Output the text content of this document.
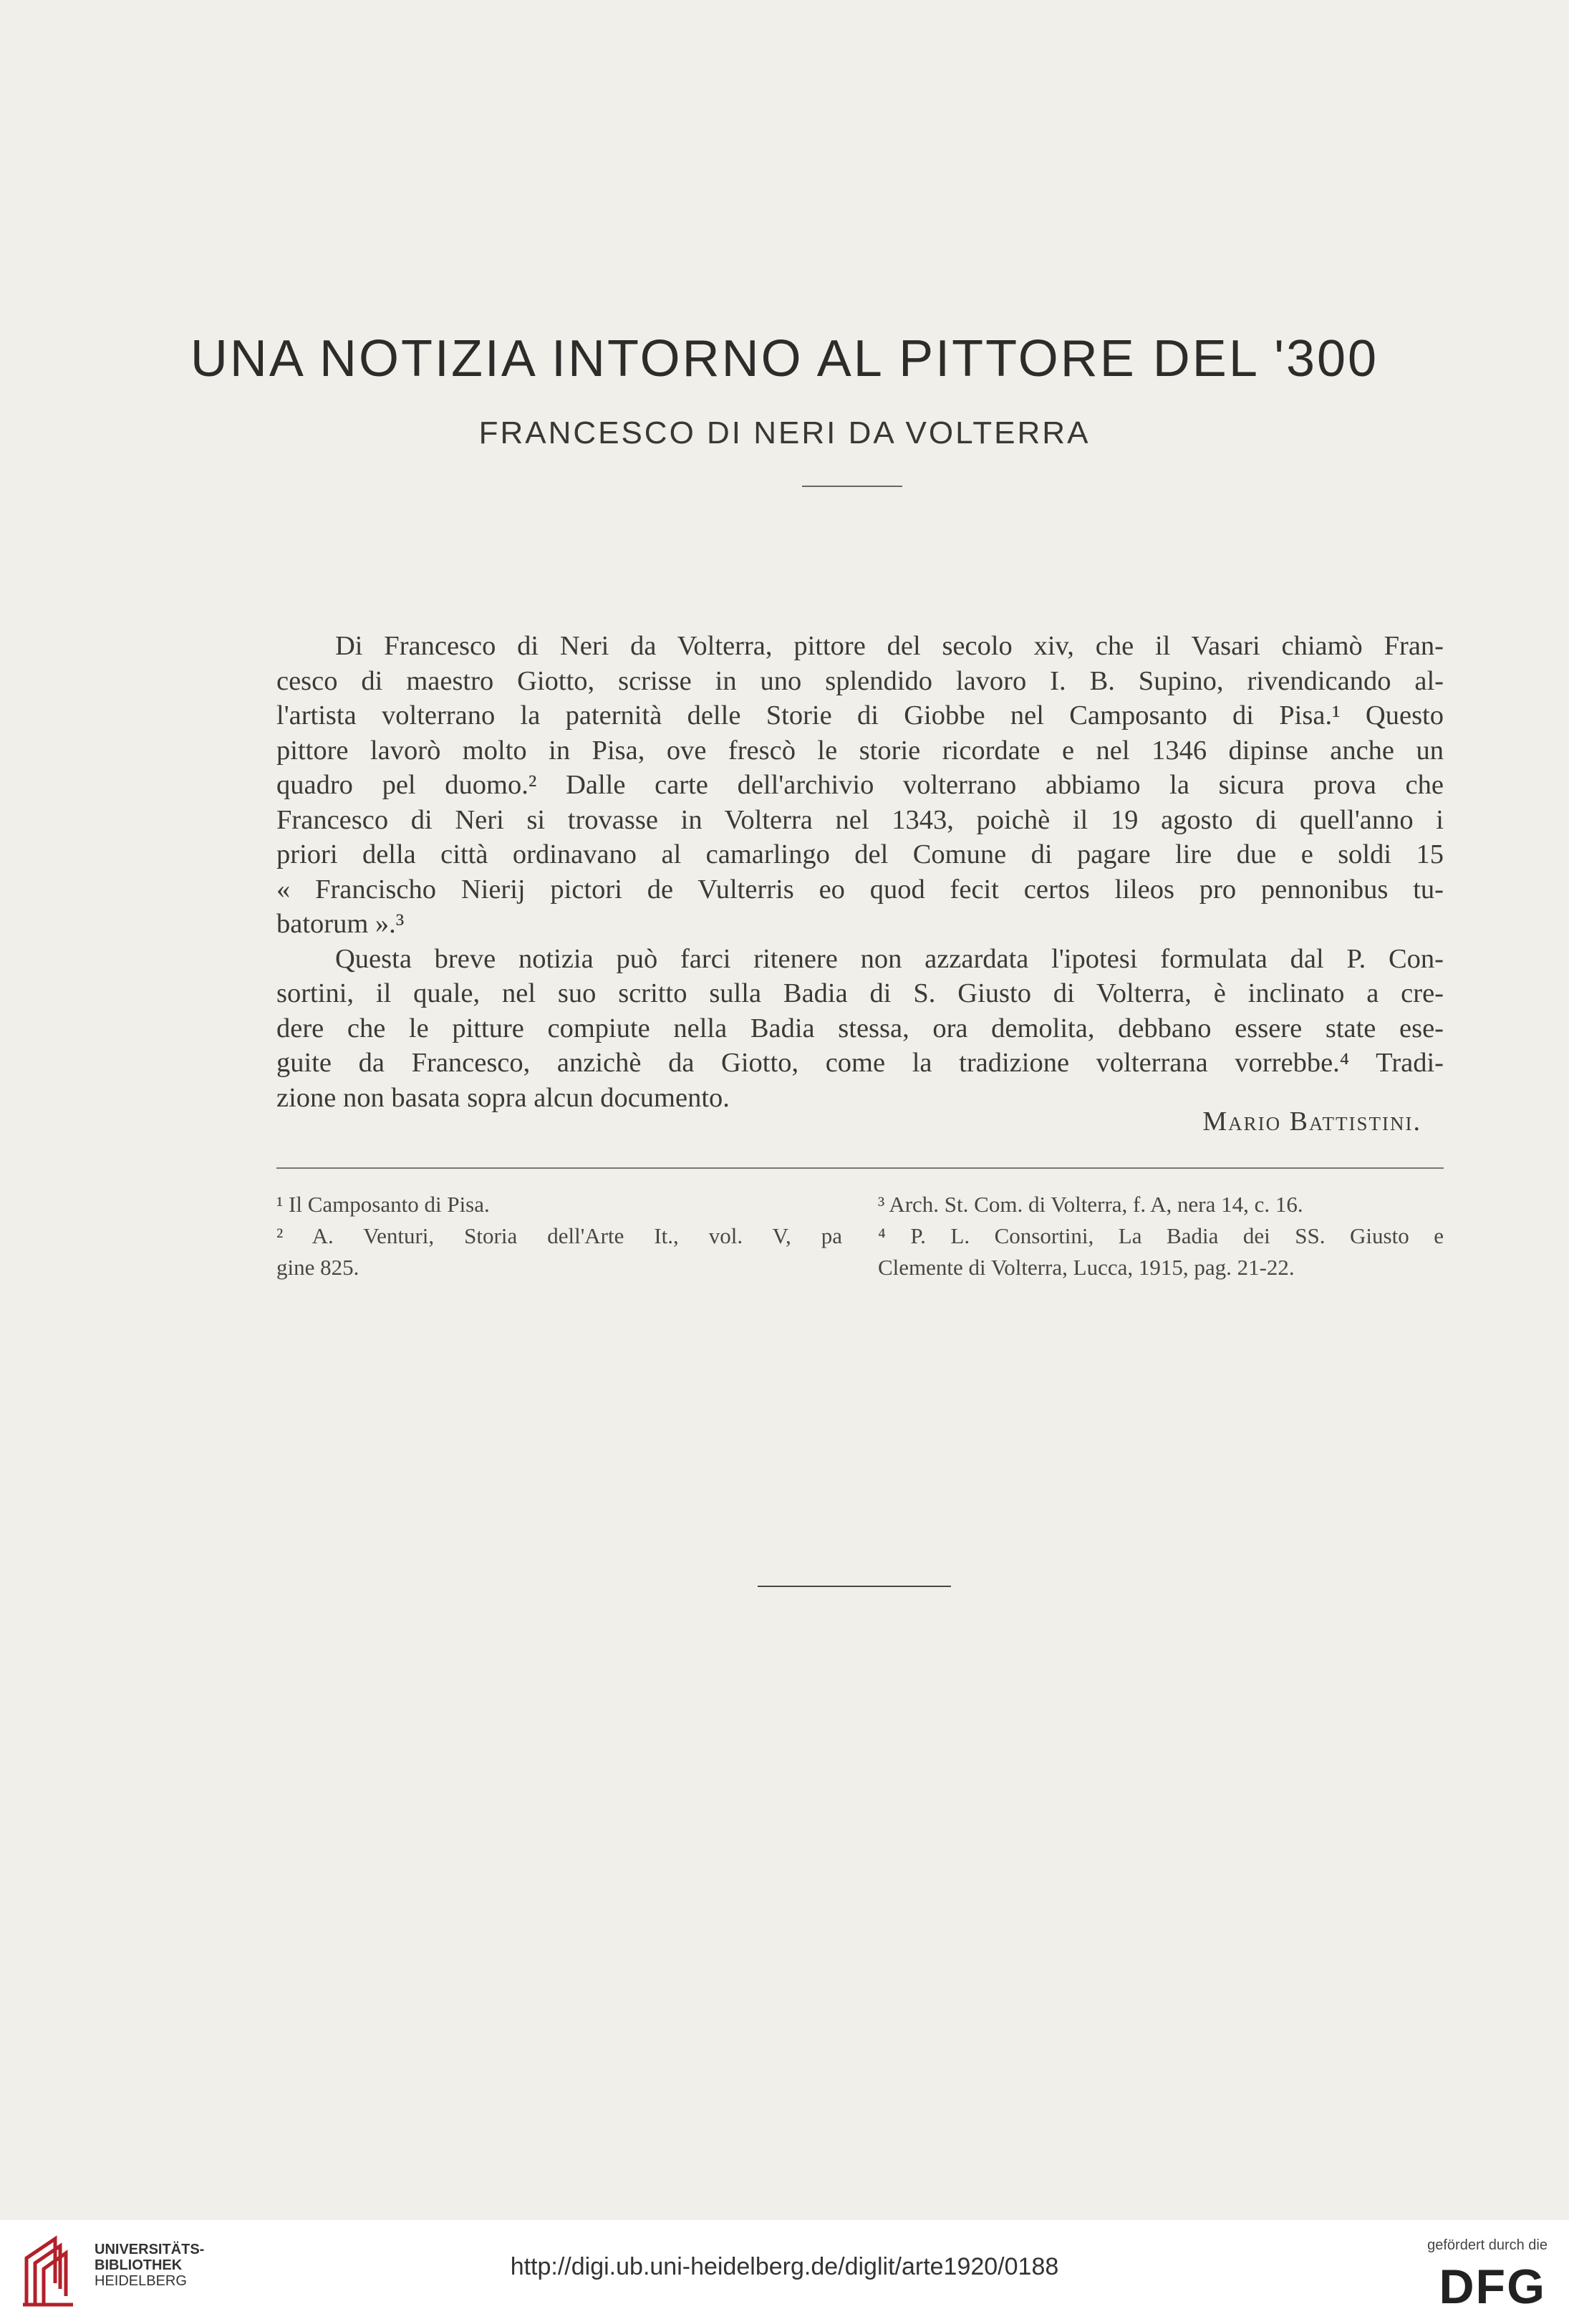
UNA NOTIZIA INTORNO AL PITTORE DEL '300
FRANCESCO DI NERI DA VOLTERRA
Di Francesco di Neri da Volterra, pittore del secolo xiv, che il Vasari chiamò Fran-
cesco di maestro Giotto, scrisse in uno splendido lavoro I. B. Supino, rivendicando al-
l'artista volterrano la paternità delle Storie di Giobbe nel Camposanto di Pisa.¹ Questo
pittore lavorò molto in Pisa, ove frescò le storie ricordate e nel 1346 dipinse anche un
quadro pel duomo.² Dalle carte dell'archivio volterrano abbiamo la sicura prova che
Francesco di Neri si trovasse in Volterra nel 1343, poichè il 19 agosto di quell'anno i
priori della città ordinavano al camarlingo del Comune di pagare lire due e soldi 15
« Francischo Nierij pictori de Vulterris eo quod fecit certos lileos pro pennonibus tu-
batorum ».³
Questa breve notizia può farci ritenere non azzardata l'ipotesi formulata dal P. Con-
sortini, il quale, nel suo scritto sulla Badia di S. Giusto di Volterra, è inclinato a cre-
dere che le pitture compiute nella Badia stessa, ora demolita, debbano essere state ese-
guite da Francesco, anzichè da Giotto, come la tradizione volterrana vorrebbe.⁴ Tradi-
zione non basata sopra alcun documento.
Mario Battistini.
¹ Il Camposanto di Pisa.
² A. Venturi, Storia dell'Arte It., vol. V, pa
gine 825.
³ Arch. St. Com. di Volterra, f. A, nera 14, c. 16.
⁴ P. L. Consortini, La Badia dei SS. Giusto e
Clemente di Volterra, Lucca, 1915, pag. 21-22.
UNIVERSITÄTS-
BIBLIOTHEK
HEIDELBERG
http://digi.ub.uni-heidelberg.de/diglit/arte1920/0188
gefördert durch die
DFG
